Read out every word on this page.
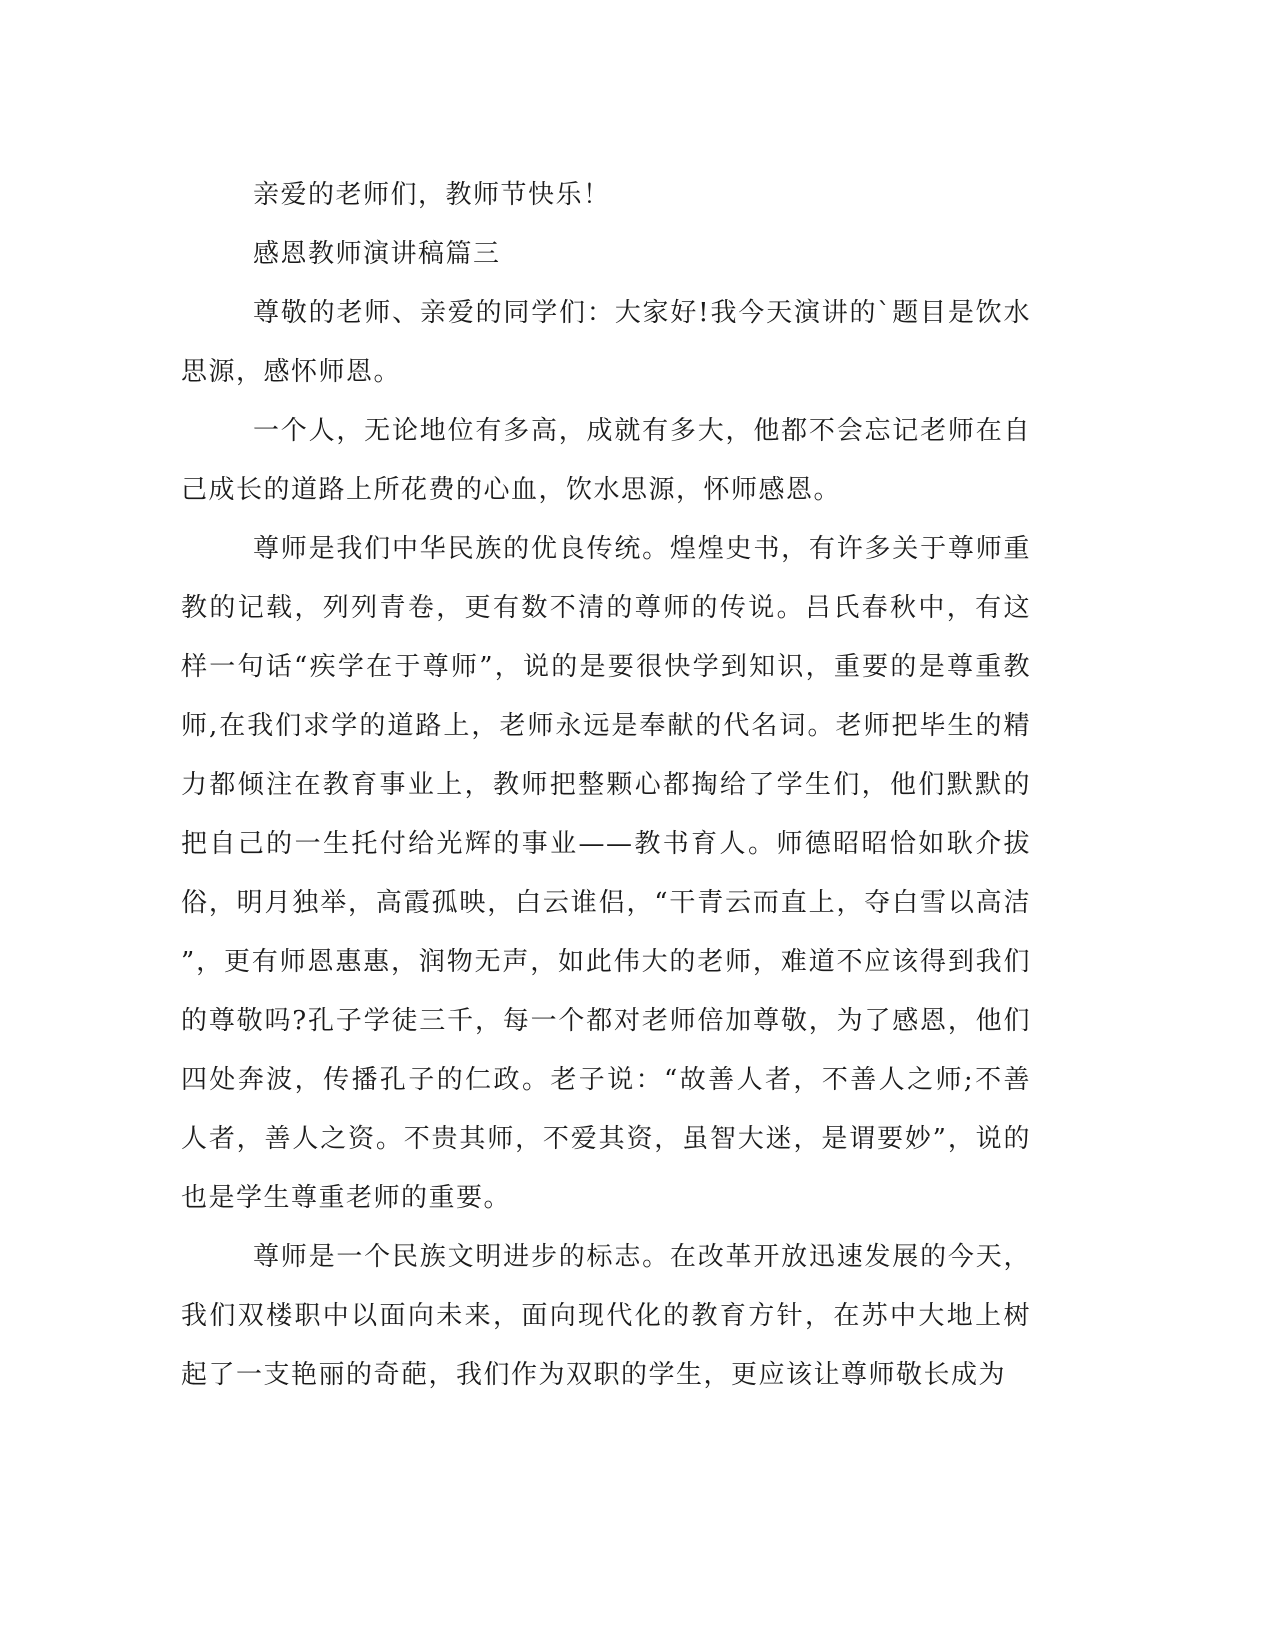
亲爱的老师们，教师节快乐！

感恩教师演讲稿篇三

尊敬的老师、亲爱的同学们：大家好!我今天演讲的`题目是饮水思源，感怀师恩。

一个人，无论地位有多高，成就有多大，他都不会忘记老师在自己成长的道路上所花费的心血，饮水思源，怀师感恩。

尊师是我们中华民族的优良传统。煌煌史书，有许多关于尊师重教的记载，列列青卷，更有数不清的尊师的传说。吕氏春秋中，有这样一句话“疾学在于尊师”，说的是要很快学到知识，重要的是尊重教师,在我们求学的道路上，老师永远是奉献的代名词。老师把毕生的精力都倾注在教育事业上，教师把整颗心都掏给了学生们，他们默默的把自己的一生托付给光辉的事业——教书育人。师德昭昭恰如耿介拔俗，明月独举，高霞孤映，白云谁侣，“干青云而直上，夺白雪以高洁”，更有师恩惠惠，润物无声，如此伟大的老师，难道不应该得到我们的尊敬吗?孔子学徒三千，每一个都对老师倍加尊敬，为了感恩，他们四处奔波，传播孔子的仁政。老子说：“故善人者，不善人之师;不善人者，善人之资。不贵其师，不爱其资，虽智大迷，是谓要妙”，说的也是学生尊重老师的重要。

尊师是一个民族文明进步的标志。在改革开放迅速发展的今天，我们双楼职中以面向未来，面向现代化的教育方针，在苏中大地上树起了一支艳丽的奇葩，我们作为双职的学生，更应该让尊师敬长成为
